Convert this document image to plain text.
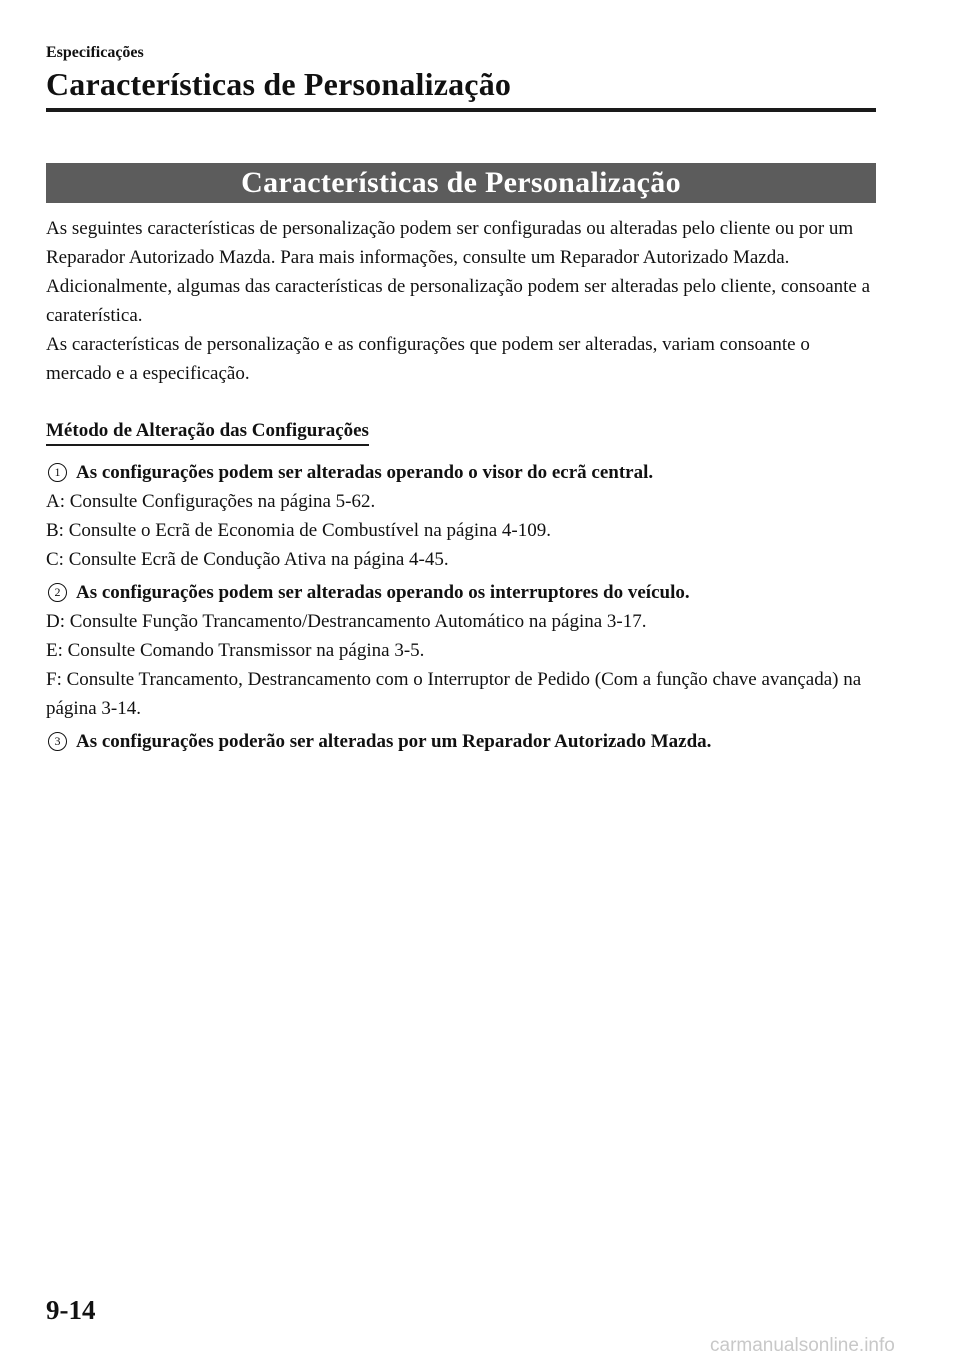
Especificações
Características de Personalização
Características de Personalização

As seguintes características de personalização podem ser configuradas ou alteradas pelo cliente ou por um Reparador Autorizado Mazda. Para mais informações, consulte um Reparador Autorizado Mazda.

Adicionalmente, algumas das características de personalização podem ser alteradas pelo cliente, consoante a caraterística.

As características de personalização e as configurações que podem ser alteradas, variam consoante o mercado e a especificação.

Método de Alteração das Configurações
1 As configurações podem ser alteradas operando o visor do ecrã central.

A: Consulte Configurações na página 5-62.

B: Consulte o Ecrã de Economia de Combustível na página 4-109.

C: Consulte Ecrã de Condução Ativa na página 4-45.

2 As configurações podem ser alteradas operando os interruptores do veículo.

D: Consulte Função Trancamento/Destrancamento Automático na página 3-17.

E: Consulte Comando Transmissor na página 3-5.

F: Consulte Trancamento, Destrancamento com o Interruptor de Pedido (Com a função chave avançada) na página 3-14.

3 As configurações poderão ser alteradas por um Reparador Autorizado Mazda.
9-14
carmanualsonline.info
